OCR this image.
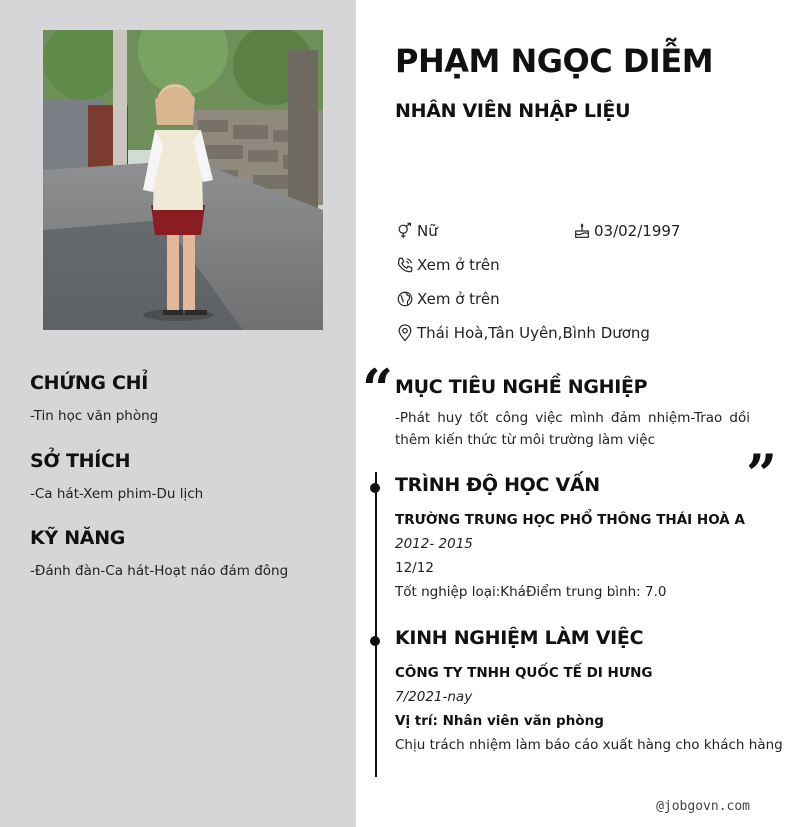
CHỨNG CHỈ
-Tin học văn phòng
SỞ THÍCH
-Ca hát-Xem phim-Du lịch
KỸ NĂNG
-Đánh đàn-Ca hát-Hoạt náo đám đông
PHẠM NGỌC DIỄM
NHÂN VIÊN NHẬP LIỆU
Nữ	03/02/1997
Xem ở trên
Xem ở trên
Thái Hoà,Tân Uyên,Bình Dương
“ MỤC TIÊU NGHỀ NGHIỆP
-Phát huy tốt công việc mình đảm nhiệm-Trao dồi thêm kiến thức từ môi trường làm việc
”
TRÌNH ĐỘ HỌC VẤN
TRƯỜNG TRUNG HỌC PHỔ THÔNG THÁI HOÀ A
2012- 2015
12/12
Tốt nghiệp loại:KháĐiểm trung bình: 7.0
KINH NGHIỆM LÀM VIỆC
CÔNG TY TNHH QUỐC TẾ DI HƯNG
7/2021-nay
Vị trí: Nhân viên văn phòng
Chịu trách nhiệm làm báo cáo xuất hàng cho khách hàng
@jobgovn.com
